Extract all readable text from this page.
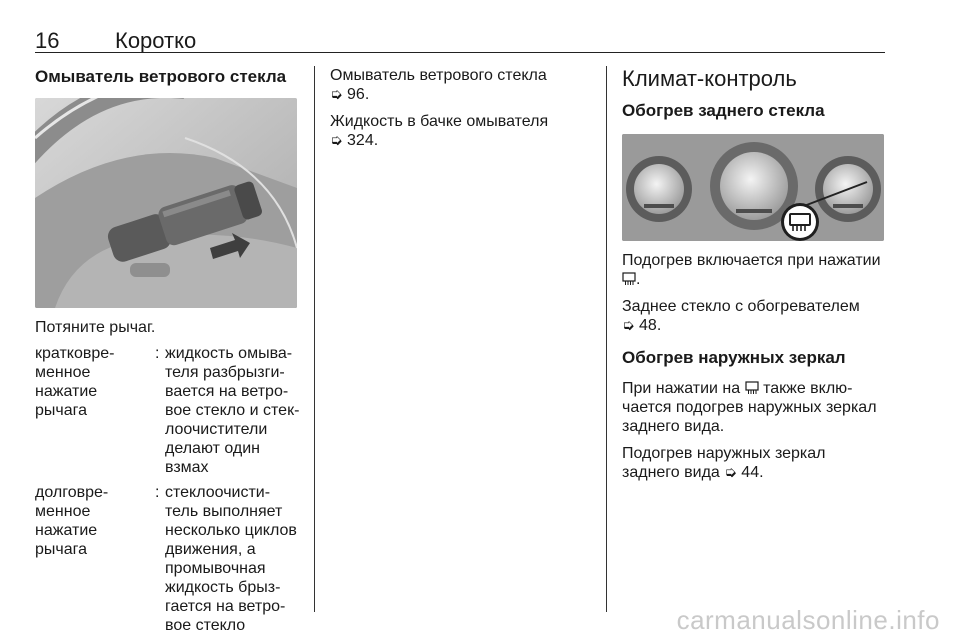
16	Коротко
Омыватель ветрового стекла
Потяните рычаг.
кратковре-
менное
нажатие
рычага
: жидкость омыва-
теля разбрызги-
вается на ветро-
вое стекло и стек-
лоочистители
делают один
взмах
долговре-
менное
нажатие
рычага
: стеклоочисти-
тель выполняет
несколько циклов
движения, а
промывочная
жидкость брыз-
гается на ветро-
вое стекло
Омыватель ветрового стекла
➭ 96.
Жидкость в бачке омывателя
➭ 324.
Климат-контроль
Обогрев заднего стекла
Подогрев включается при нажатии
.
Заднее стекло с обогревателем
➭ 48.
Обогрев наружных зеркал
При нажатии на также вклю-
чается подогрев наружных зеркал
заднего вида.
Подогрев наружных зеркал
заднего вида ➭ 44.
carmanualsonline.info
